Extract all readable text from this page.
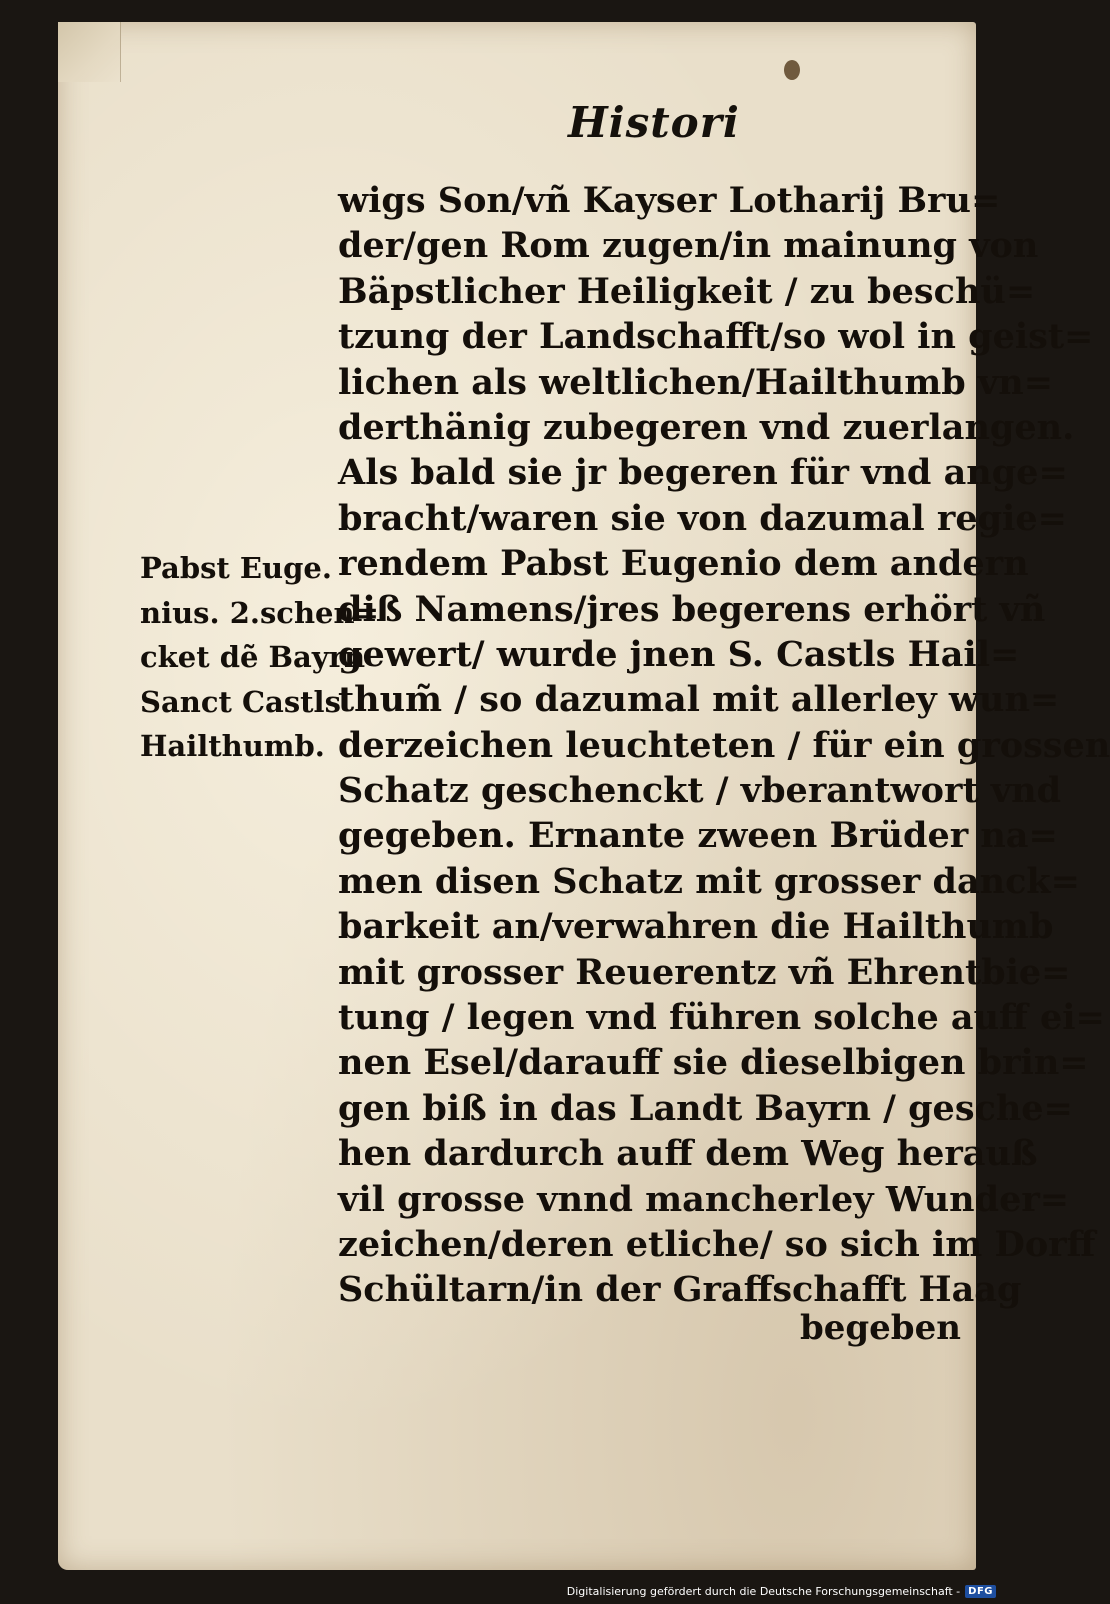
Histori
wigs Son/vñ Kayser Lotharij Bru=
der/gen Rom zugen/in mainung von
Bäpstlicher Heiligkeit / zu beschü=
tzung der Landschafft/so wol in geist=
lichen als weltlichen/Hailthumb vn=
derthänig zubegeren vnd zuerlangen.
Als bald sie jr begeren für vnd ange=
bracht/waren sie von dazumal regie=
rendem Pabst Eugenio dem andern
diß Namens/jres begerens erhört vñ
gewert/ wurde jnen S. Castls Hail=
thum̃ / so dazumal mit allerley wun=
derzeichen leuchteten / für ein grossen
Schatz geschenckt / vberantwort vnd
gegeben. Ernante zween Brüder na=
men disen Schatz mit grosser danck=
barkeit an/verwahren die Hailthumb
mit grosser Reuerentz vñ Ehrentbie=
tung / legen vnd führen solche auff ei=
nen Esel/darauff sie dieselbigen brin=
gen biß in das Landt Bayrn / gesche=
hen dardurch auff dem Weg herauß
vil grosse vnnd mancherley Wunder=
zeichen/deren etliche/ so sich im Dorff
Schültarn/in der Graffschafft Haag
Pabst Euge.
nius. 2.schen=
cket dẽ Bayrn
Sanct Castls
Hailthumb.
begeben
Digitalisierung gefördert durch die Deutsche Forschungsgemeinschaft - DFG
